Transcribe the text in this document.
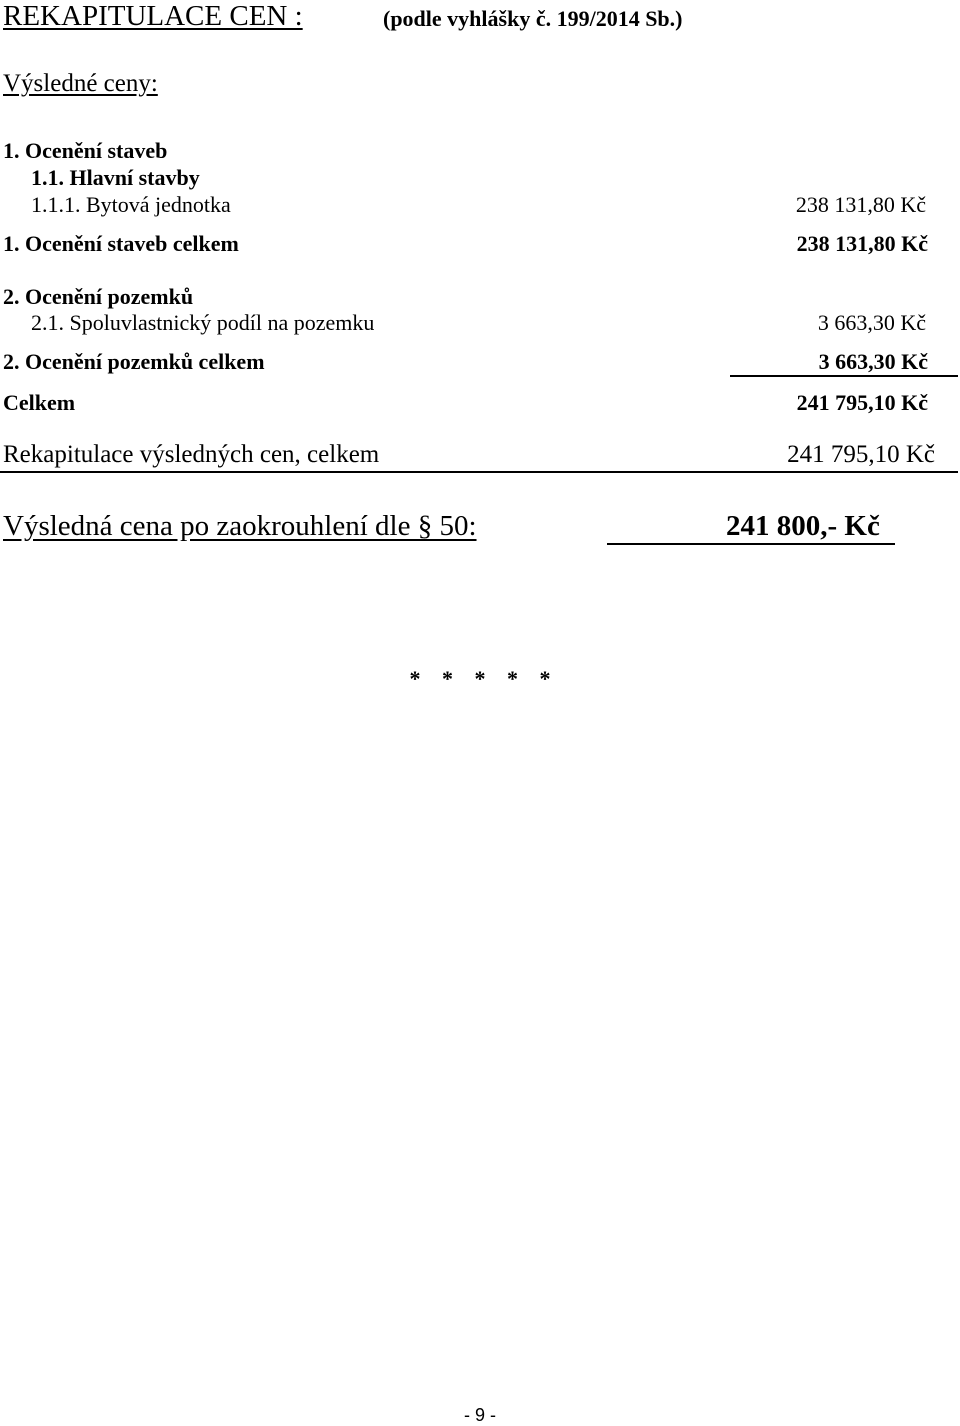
REKAPITULACE CEN :	(podle vyhlášky č. 199/2014 Sb.)
Výsledné ceny:
1. Ocenění staveb
1.1. Hlavní stavby
1.1.1. Bytová jednotka	238 131,80 Kč
1. Ocenění staveb celkem	238 131,80 Kč
2. Ocenění pozemků
2.1. Spoluvlastnický podíl na pozemku	3 663,30 Kč
2. Ocenění pozemků celkem	3 663,30 Kč
Celkem	241 795,10 Kč
Rekapitulace výsledných cen, celkem	241 795,10 Kč
Výsledná cena po zaokrouhlení dle § 50:	241 800,- Kč
* * * * *
- 9 -
